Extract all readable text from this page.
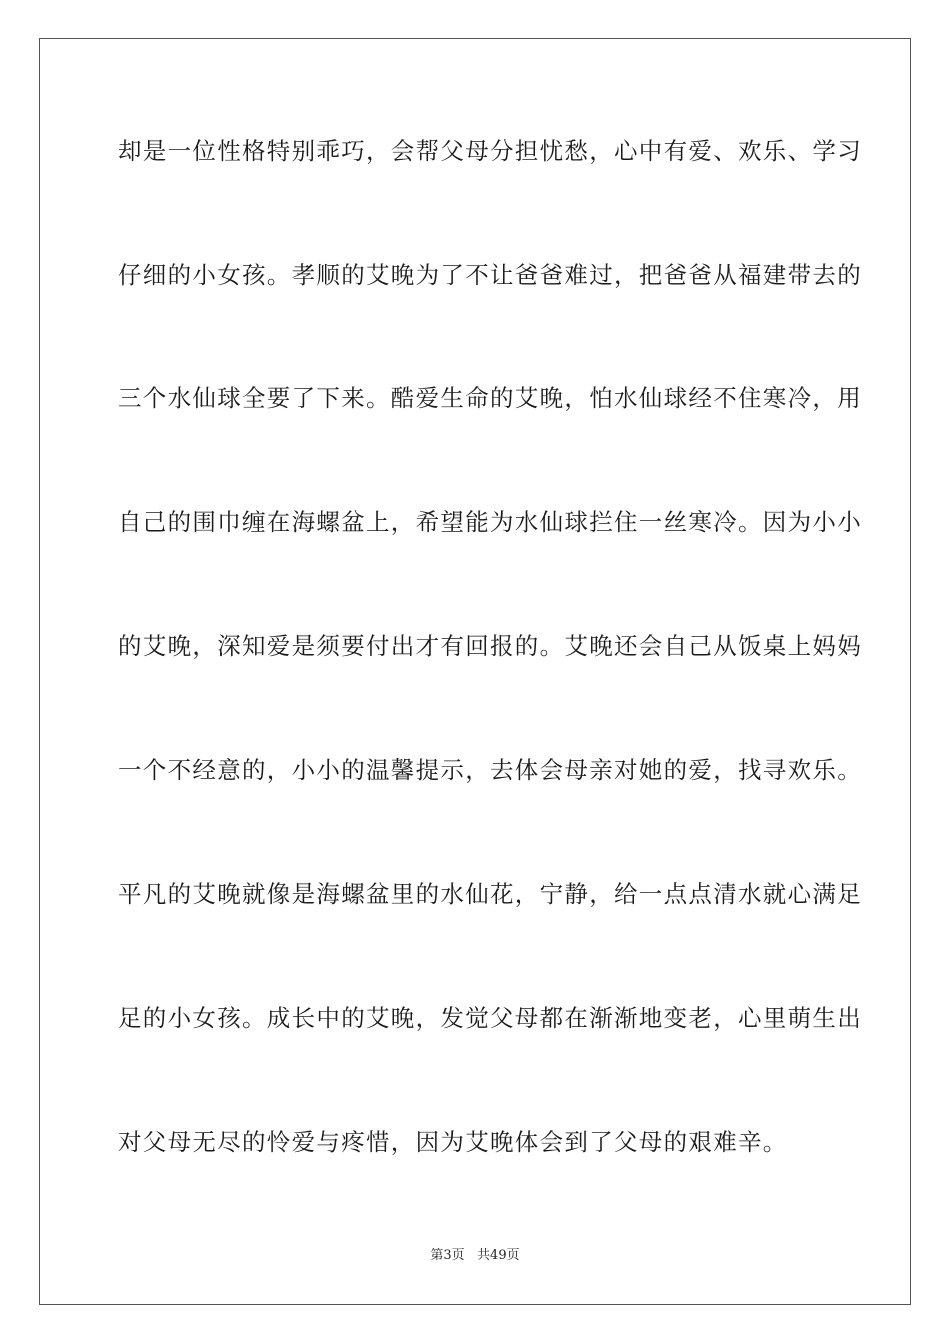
却是一位性格特别乖巧，会帮父母分担忧愁，心中有爱、欢乐、学习
仔细的小女孩。孝顺的艾晚为了不让爸爸难过，把爸爸从福建带去的
三个水仙球全要了下来。酷爱生命的艾晚，怕水仙球经不住寒冷，用
自己的围巾缠在海螺盆上，希望能为水仙球拦住一丝寒冷。因为小小
的艾晚，深知爱是须要付出才有回报的。艾晚还会自己从饭桌上妈妈
一个不经意的，小小的温馨提示，去体会母亲对她的爱，找寻欢乐。
平凡的艾晚就像是海螺盆里的水仙花，宁静，给一点点清水就心满足
足的小女孩。成长中的艾晚，发觉父母都在渐渐地变老，心里萌生出
对父母无尽的怜爱与疼惜，因为艾晚体会到了父母的艰难辛。
第3页   共49页
